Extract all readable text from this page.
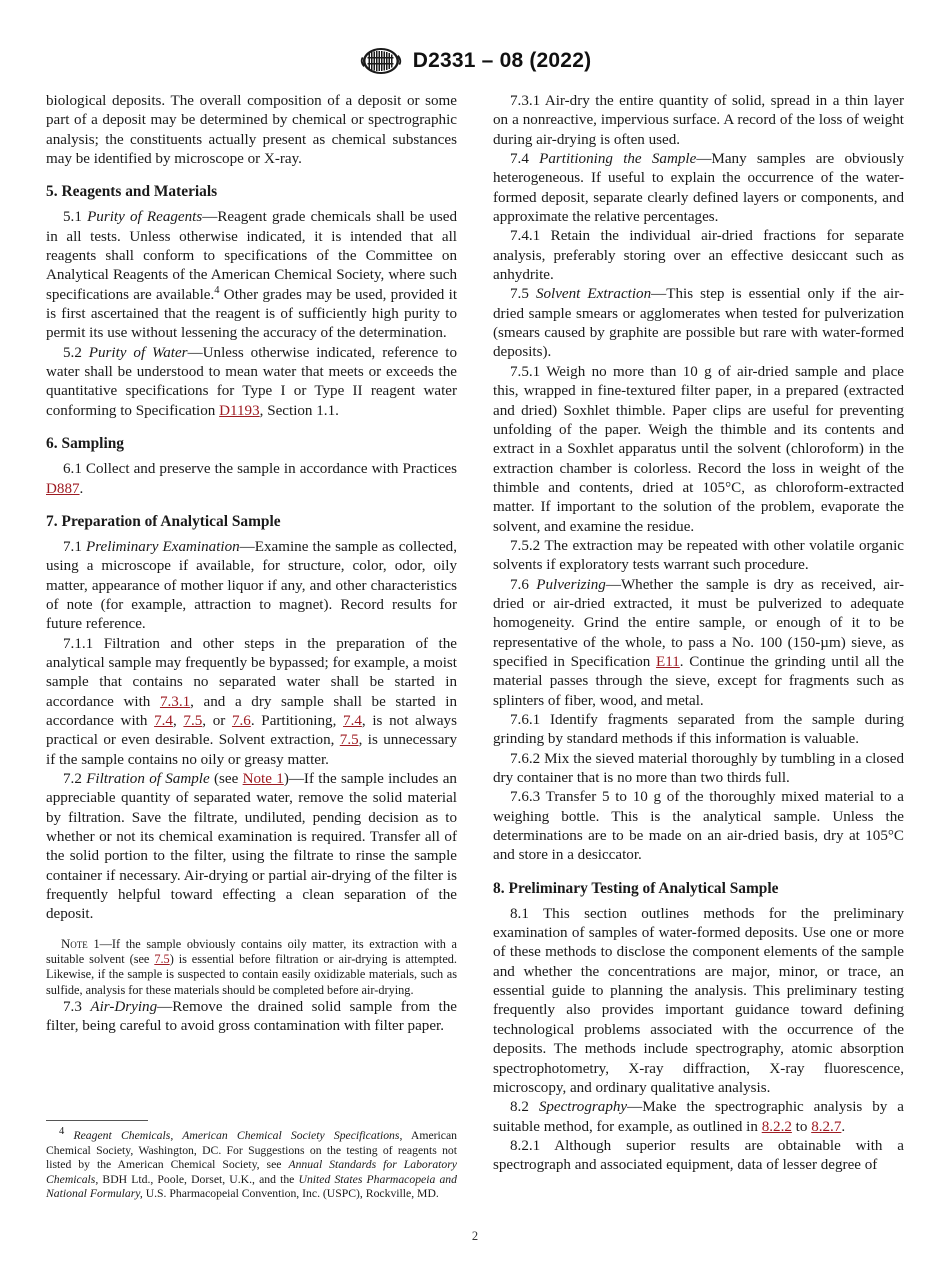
D2331 – 08 (2022)

biological deposits. The overall composition of a deposit or some part of a deposit may be determined by chemical or spectrographic analysis; the constituents actually present as chemical substances may be identified by microscope or X-ray.

5. Reagents and Materials

5.1 Purity of Reagents—Reagent grade chemicals shall be used in all tests. Unless otherwise indicated, it is intended that all reagents shall conform to specifications of the Committee on Analytical Reagents of the American Chemical Society, where such specifications are available.$^4$ Other grades may be used, provided it is first ascertained that the reagent is of sufficiently high purity to permit its use without lessening the accuracy of the determination.

5.2 Purity of Water—Unless otherwise indicated, reference to water shall be understood to mean water that meets or exceeds the quantitative specifications for Type I or Type II reagent water conforming to Specification D1193, Section 1.1.

6. Sampling

6.1 Collect and preserve the sample in accordance with Practices D887.

7. Preparation of Analytical Sample

7.1 Preliminary Examination—Examine the sample as collected, using a microscope if available, for structure, color, odor, oily matter, appearance of mother liquor if any, and other characteristics of note (for example, attraction to magnet). Record results for future reference.

7.1.1 Filtration and other steps in the preparation of the analytical sample may frequently be bypassed; for example, a moist sample that contains no separated water shall be started in accordance with 7.3.1, and a dry sample shall be started in accordance with 7.4, 7.5, or 7.6. Partitioning, 7.4, is not always practical or even desirable. Solvent extraction, 7.5, is unnecessary if the sample contains no oily or greasy matter.

7.2 Filtration of Sample (see Note 1)—If the sample includes an appreciable quantity of separated water, remove the solid material by filtration. Save the filtrate, undiluted, pending decision as to whether or not its chemical examination is required. Transfer all of the solid portion to the filter, using the filtrate to rinse the sample container if necessary. Air-drying or partial air-drying of the filter is frequently helpful toward effecting a clean separation of the deposit.

Note 1—If the sample obviously contains oily matter, its extraction with a suitable solvent (see 7.5) is essential before filtration or air-drying is attempted. Likewise, if the sample is suspected to contain easily oxidizable materials, such as sulfide, analysis for these materials should be completed before air-drying.

7.3 Air-Drying—Remove the drained solid sample from the filter, being careful to avoid gross contamination with filter paper.

4 Reagent Chemicals, American Chemical Society Specifications, American Chemical Society, Washington, DC. For Suggestions on the testing of reagents not listed by the American Chemical Society, see Annual Standards for Laboratory Chemicals, BDH Ltd., Poole, Dorset, U.K., and the United States Pharmacopeia and National Formulary, U.S. Pharmacopeial Convention, Inc. (USPC), Rockville, MD.

7.3.1 Air-dry the entire quantity of solid, spread in a thin layer on a nonreactive, impervious surface. A record of the loss of weight during air-drying is often used.

7.4 Partitioning the Sample—Many samples are obviously heterogeneous. If useful to explain the occurrence of the water-formed deposit, separate clearly defined layers or components, and approximate the relative percentages.

7.4.1 Retain the individual air-dried fractions for separate analysis, preferably storing over an effective desiccant such as anhydrite.

7.5 Solvent Extraction—This step is essential only if the air-dried sample smears or agglomerates when tested for pulverization (smears caused by graphite are possible but rare with water-formed deposits).

7.5.1 Weigh no more than 10 g of air-dried sample and place this, wrapped in fine-textured filter paper, in a prepared (extracted and dried) Soxhlet thimble. Paper clips are useful for preventing unfolding of the paper. Weigh the thimble and its contents and extract in a Soxhlet apparatus until the solvent (chloroform) in the extraction chamber is colorless. Record the loss in weight of the thimble and contents, dried at 105°C, as chloroform-extracted matter. If important to the solution of the problem, evaporate the solvent, and examine the residue.

7.5.2 The extraction may be repeated with other volatile organic solvents if exploratory tests warrant such procedure.

7.6 Pulverizing—Whether the sample is dry as received, air-dried or air-dried extracted, it must be pulverized to adequate homogeneity. Grind the entire sample, or enough of it to be representative of the whole, to pass a No. 100 (150-µm) sieve, as specified in Specification E11. Continue the grinding until all the material passes through the sieve, except for fragments such as splinters of fiber, wood, and metal.

7.6.1 Identify fragments separated from the sample during grinding by standard methods if this information is valuable.

7.6.2 Mix the sieved material thoroughly by tumbling in a closed dry container that is no more than two thirds full.

7.6.3 Transfer 5 to 10 g of the thoroughly mixed material to a weighing bottle. This is the analytical sample. Unless the determinations are to be made on an air-dried basis, dry at 105°C and store in a desiccator.

8. Preliminary Testing of Analytical Sample

8.1 This section outlines methods for the preliminary examination of samples of water-formed deposits. Use one or more of these methods to disclose the component elements of the sample and whether the concentrations are major, minor, or trace, an essential guide to planning the analysis. This preliminary testing frequently also provides important guidance toward defining technological problems associated with the occurrence of the deposits. The methods include spectrography, atomic absorption spectrophotometry, X-ray diffraction, X-ray fluorescence, microscopy, and ordinary qualitative analysis.

8.2 Spectrography—Make the spectrographic analysis by a suitable method, for example, as outlined in 8.2.2 to 8.2.7.

8.2.1 Although superior results are obtainable with a spectrograph and associated equipment, data of lesser degree of

2
